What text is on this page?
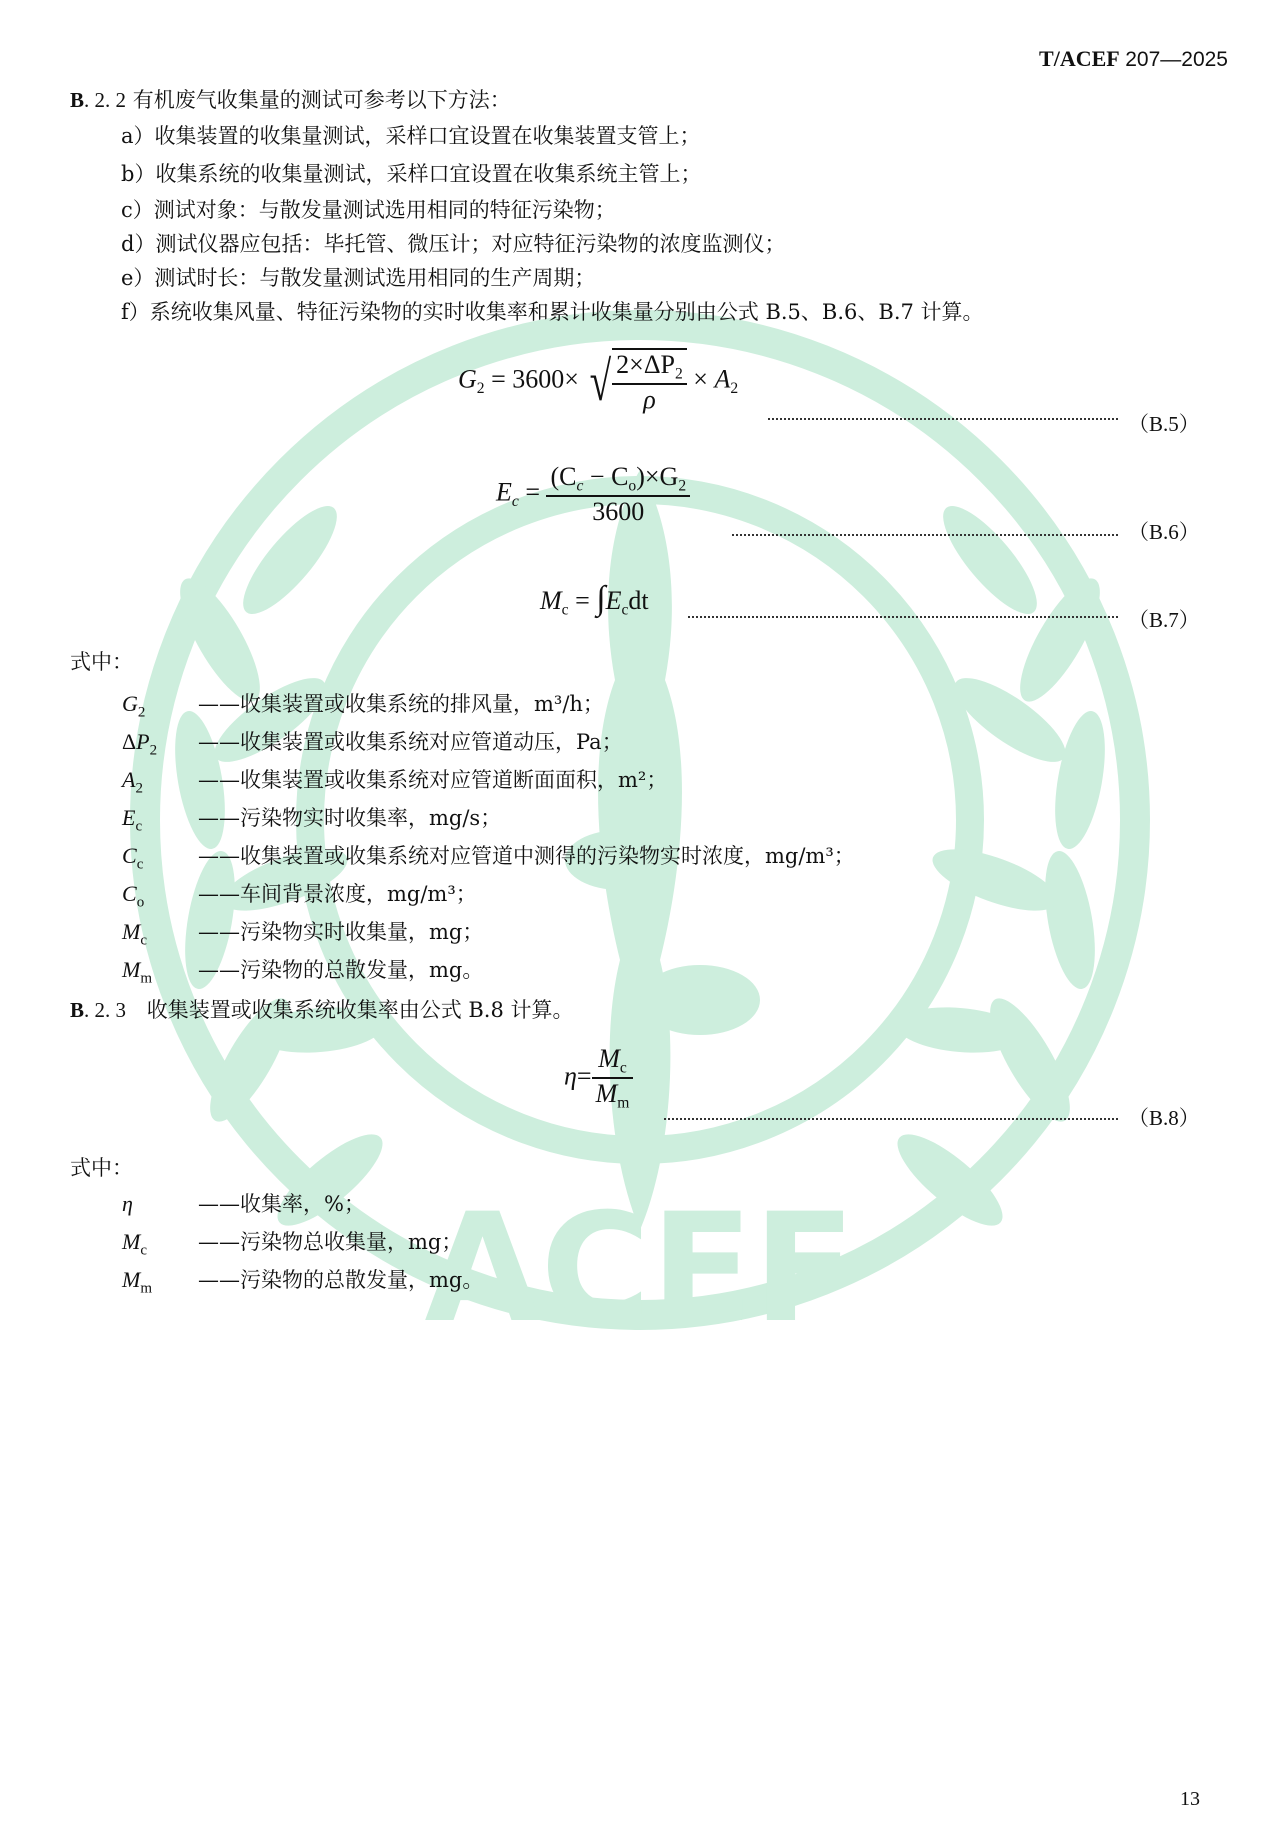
ACEF
T/ACEF 207—2025
B. 2. 2 有机废气收集量的测试可参考以下方法：
a）收集装置的收集量测试，采样口宜设置在收集装置支管上；
b）收集系统的收集量测试，采样口宜设置在收集系统主管上；
c）测试对象：与散发量测试选用相同的特征污染物；
d）测试仪器应包括：毕托管、微压计；对应特征污染物的浓度监测仪；
e）测试时长：与散发量测试选用相同的生产周期；
f）系统收集风量、特征污染物的实时收集率和累计收集量分别由公式 B.5、B.6、B.7 计算。
$G_2 = 3600\times$ √ $\frac{2\times\Delta P_2}{\rho} \times A_2$
（B.5）
$E_c = \frac{(C_c - C_o)\times G_2}{3600}$
（B.6）
$M_c = \int E_cdt$
（B.7）
式中：
$G_2$	——收集装置或收集系统的排风量，m³/h；
$\Delta P_2$ ——收集装置或收集系统对应管道动压，Pa；
$A_2$	——收集装置或收集系统对应管道断面面积，m²；
$E_c$	——污染物实时收集率，mg/s；
$C_c$	——收集装置或收集系统对应管道中测得的污染物实时浓度，mg/m³；
$C_o$	——车间背景浓度，mg/m³；
$M_c$ ——污染物实时收集量，mg；
$M_m$ ——污染物的总散发量，mg。
B. 2. 3 收集装置或收集系统收集率由公式 B.8 计算。
$\eta= \frac{M_c}{M_m}$
（B.8）
式中：
η	——收集率，%；
$M_c$ ——污染物总收集量，mg；
$M_m$ ——污染物的总散发量，mg。
13
